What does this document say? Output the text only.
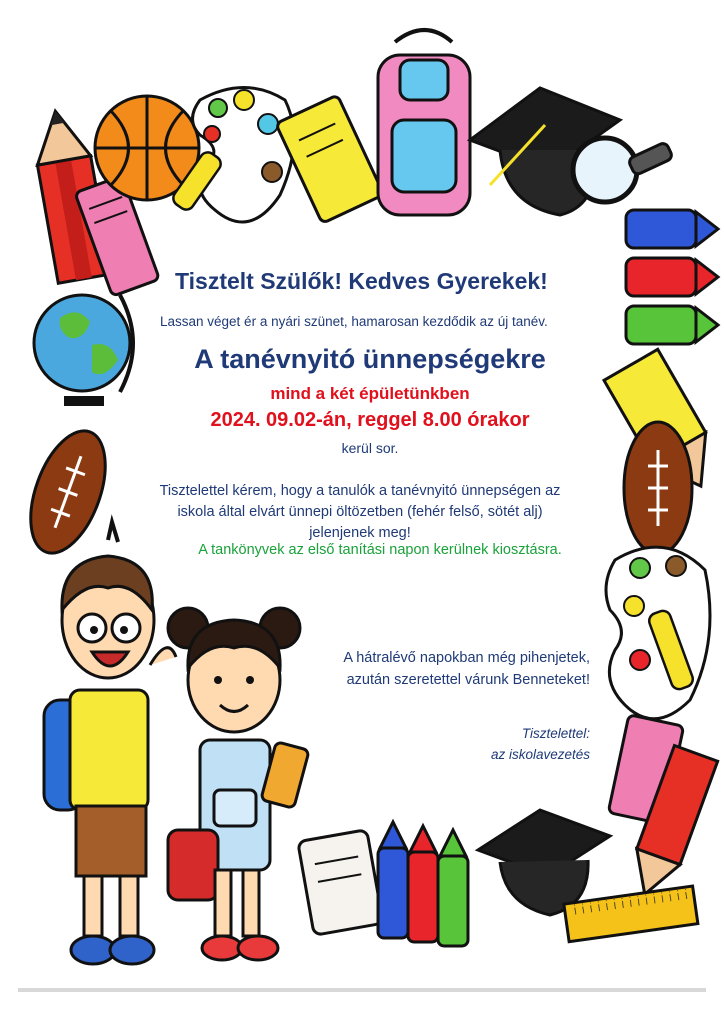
Tisztelt Szülők! Kedves Gyerekek!

Lassan véget ér a nyári szünet, hamarosan kezdődik az új tanév.

A tanévnyitó ünnepségekre

mind a két épületünkben

2024. 09.02-án, reggel 8.00 órakor

kerül sor.

Tisztelettel kérem, hogy a tanulók a tanévnyitó ünnepségen az

iskola által elvárt ünnepi öltözetben (fehér felső, sötét alj)

jelenjenek meg!

A tankönyvek az első tanítási napon kerülnek kiosztásra.

A hátralévő napokban még pihenjetek,

azután szeretettel várunk Benneteket!

Tisztelettel:

az iskolavezetés
